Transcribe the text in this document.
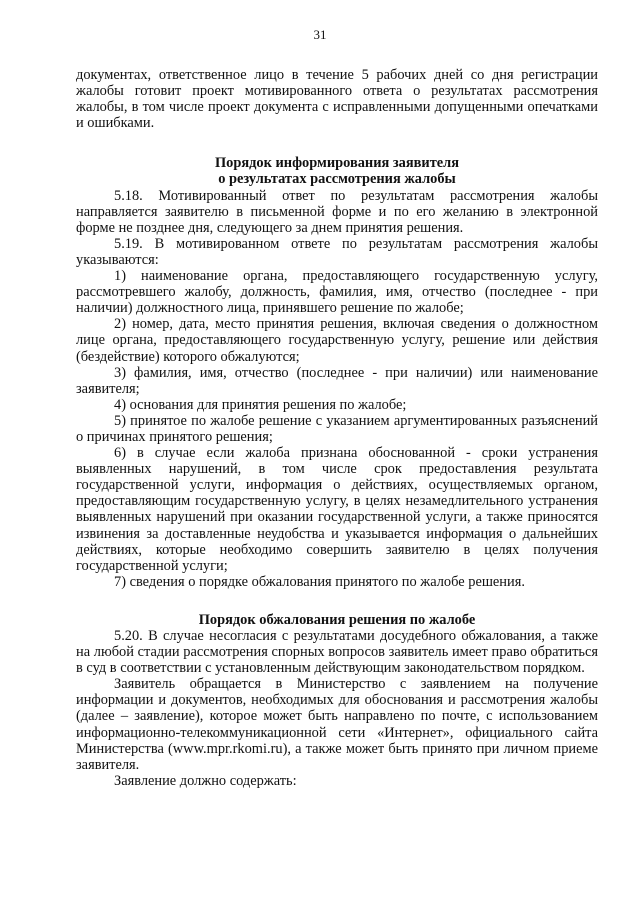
31

документах, ответственное лицо в течение 5 рабочих дней со дня регистрации жалобы готовит проект мотивированного ответа о результатах рассмотрения жалобы, в том числе проект документа с исправленными допущенными опечатками и ошибками.

Порядок информирования заявителя
о результатах рассмотрения жалобы

5.18. Мотивированный ответ по результатам рассмотрения жалобы направляется заявителю в письменной форме и по его желанию в электронной форме не позднее дня, следующего за днем принятия решения.

5.19. В мотивированном ответе по результатам рассмотрения жалобы указываются:

1) наименование органа, предоставляющего государственную услугу, рассмотревшего жалобу, должность, фамилия, имя, отчество (последнее - при наличии) должностного лица, принявшего решение по жалобе;

2) номер, дата, место принятия решения, включая сведения о должностном лице органа, предоставляющего государственную услугу, решение или действия (бездействие) которого обжалуются;

3) фамилия, имя, отчество (последнее - при наличии) или наименование заявителя;

4) основания для принятия решения по жалобе;

5) принятое по жалобе решение с указанием аргументированных разъяснений о причинах принятого решения;

6) в случае если жалоба признана обоснованной - сроки устранения выявленных нарушений, в том числе срок предоставления результата государственной услуги, информация о действиях, осуществляемых органом, предоставляющим государственную услугу, в целях незамедлительного устранения выявленных нарушений при оказании государственной услуги, а также приносятся извинения за доставленные неудобства и указывается информация о дальнейших действиях, которые необходимо совершить заявителю в целях получения государственной услуги;

7) сведения о порядке обжалования принятого по жалобе решения.

Порядок обжалования решения по жалобе

5.20. В случае несогласия с результатами досудебного обжалования, а также на любой стадии рассмотрения спорных вопросов заявитель имеет право обратиться в суд в соответствии с установленным действующим законодательством порядком.

Заявитель обращается в Министерство с заявлением на получение информации и документов, необходимых для обоснования и рассмотрения жалобы (далее – заявление), которое может быть направлено по почте, с использованием информационно-телекоммуникационной сети «Интернет», официального сайта Министерства (www.mpr.rkomi.ru), а также может быть принято при личном приеме заявителя.

Заявление должно содержать:
